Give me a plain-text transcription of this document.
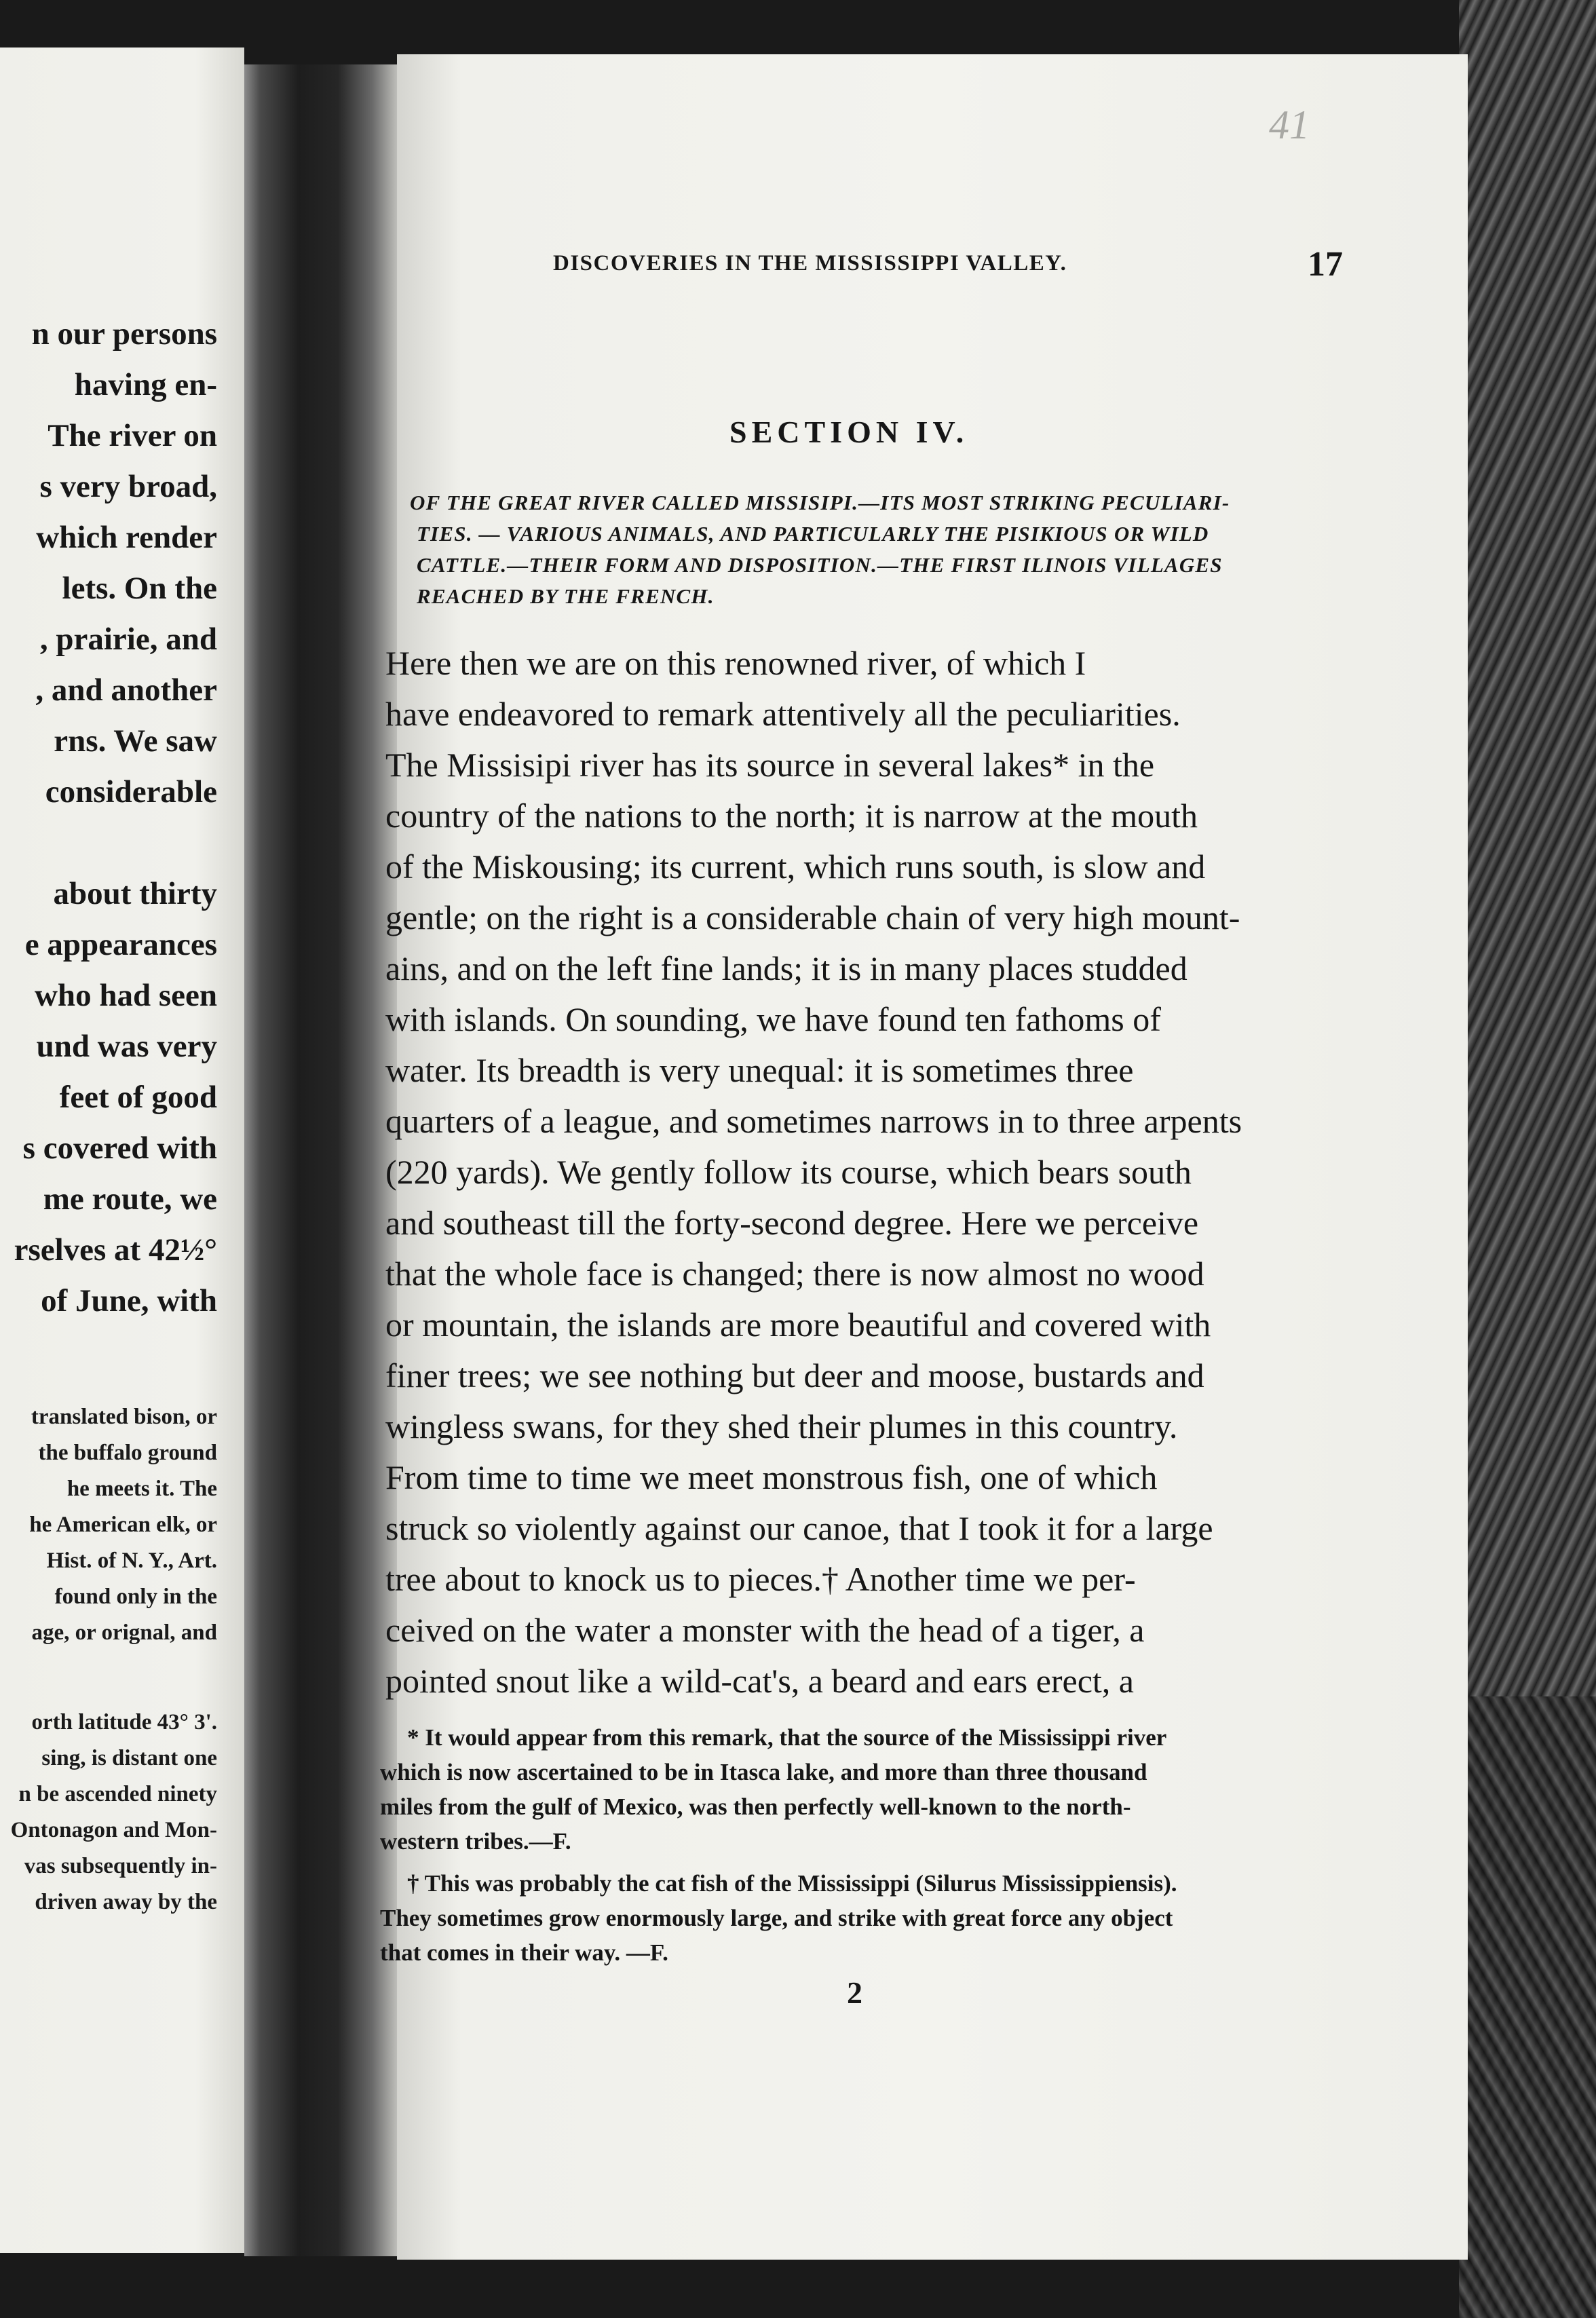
n our persons
having en-
The river on
s very broad,
which render
lets. On the
, prairie, and
, and another
rns. We saw
considerable
about thirty
e appearances
who had seen
und was very
feet of good
s covered with
me route, we
rselves at 42½°
of June, with
translated bison, or
the buffalo ground
he meets it. The
he American elk, or
Hist. of N. Y., Art.
found only in the
age, or orignal, and
orth latitude 43° 3'.
sing, is distant one
n be ascended ninety
Ontonagon and Mon-
vas subsequently in-
driven away by the
41
DISCOVERIES IN THE MISSISSIPPI VALLEY.	17
SECTION IV.
OF THE GREAT RIVER CALLED MISSISIPI.—ITS MOST STRIKING PECULIARI-
TIES. — VARIOUS ANIMALS, AND PARTICULARLY THE PISIKIOUS OR WILD
CATTLE.—THEIR FORM AND DISPOSITION.—THE FIRST ILINOIS VILLAGES
REACHED BY THE FRENCH.
Here then we are on this renowned river, of which I
have endeavored to remark attentively all the peculiarities.
The Missisipi river has its source in several lakes* in the
country of the nations to the north; it is narrow at the mouth
of the Miskousing; its current, which runs south, is slow and
gentle; on the right is a considerable chain of very high mount-
ains, and on the left fine lands; it is in many places studded
with islands. On sounding, we have found ten fathoms of
water. Its breadth is very unequal: it is sometimes three
quarters of a league, and sometimes narrows in to three arpents
(220 yards). We gently follow its course, which bears south
and southeast till the forty-second degree. Here we perceive
that the whole face is changed; there is now almost no wood
or mountain, the islands are more beautiful and covered with
finer trees; we see nothing but deer and moose, bustards and
wingless swans, for they shed their plumes in this country.
From time to time we meet monstrous fish, one of which
struck so violently against our canoe, that I took it for a large
tree about to knock us to pieces.† Another time we per-
ceived on the water a monster with the head of a tiger, a
pointed snout like a wild-cat's, a beard and ears erect, a
* It would appear from this remark, that the source of the Mississippi river
which is now ascertained to be in Itasca lake, and more than three thousand
miles from the gulf of Mexico, was then perfectly well-known to the north-
western tribes.—F.
† This was probably the cat fish of the Mississippi (Silurus Mississippiensis).
They sometimes grow enormously large, and strike with great force any object
that comes in their way. —F.
2
